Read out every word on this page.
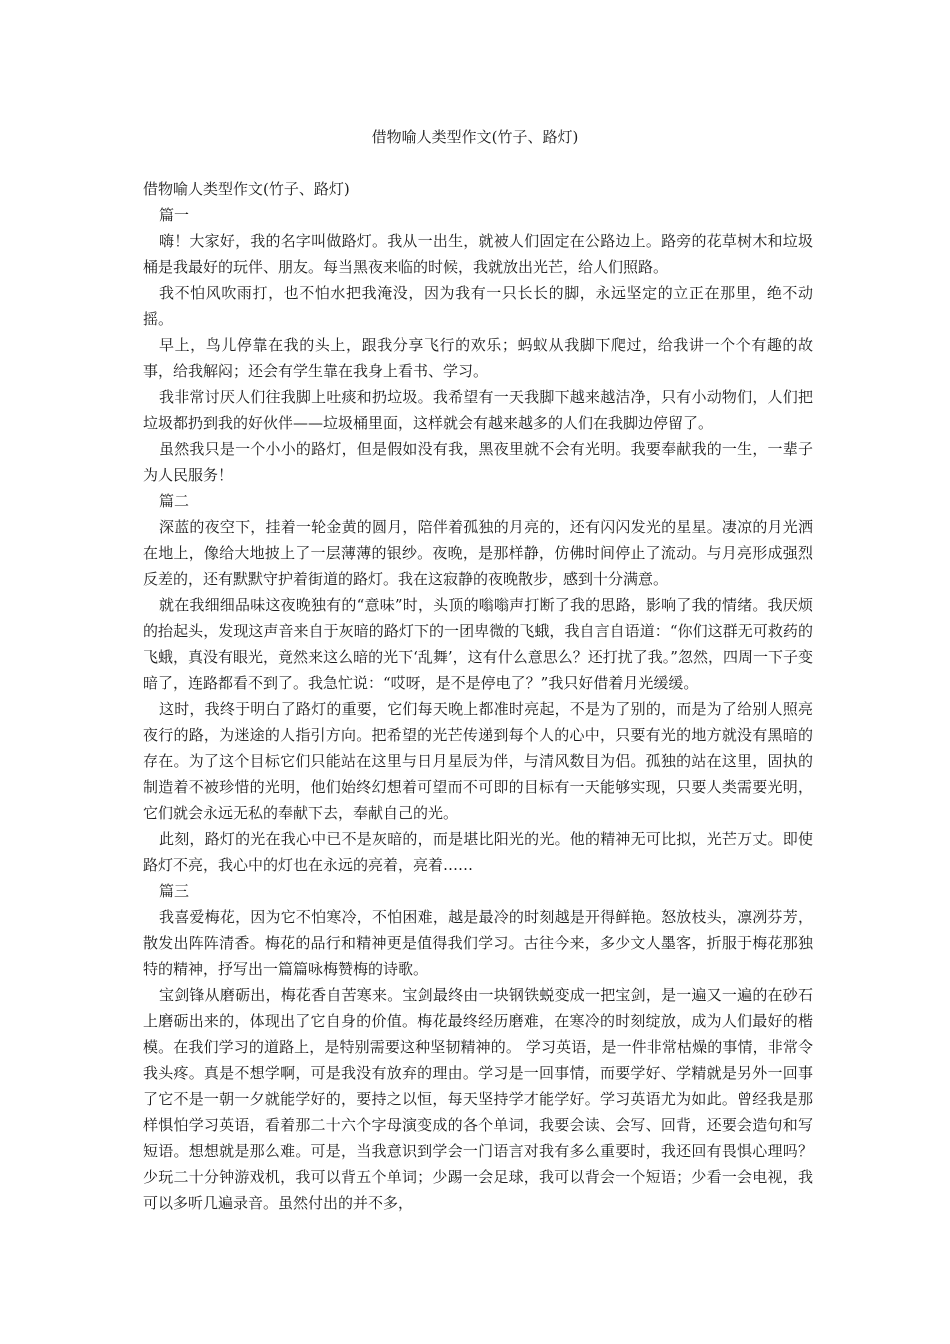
借物喻人类型作文(竹子、路灯)

借物喻人类型作文(竹子、路灯)

篇一

嗨！大家好，我的名字叫做路灯。我从一出生，就被人们固定在公路边上。路旁的花草树木和垃圾桶是我最好的玩伴、朋友。每当黑夜来临的时候，我就放出光芒，给人们照路。

我不怕风吹雨打，也不怕水把我淹没，因为我有一只长长的脚，永远坚定的立正在那里，绝不动摇。

早上，鸟儿停靠在我的头上，跟我分享飞行的欢乐；蚂蚁从我脚下爬过，给我讲一个个有趣的故事，给我解闷；还会有学生靠在我身上看书、学习。

我非常讨厌人们往我脚上吐痰和扔垃圾。我希望有一天我脚下越来越洁净，只有小动物们，人们把垃圾都扔到我的好伙伴——垃圾桶里面，这样就会有越来越多的人们在我脚边停留了。

虽然我只是一个小小的路灯，但是假如没有我，黑夜里就不会有光明。我要奉献我的一生，一辈子为人民服务！

篇二

深蓝的夜空下，挂着一轮金黄的圆月，陪伴着孤独的月亮的，还有闪闪发光的星星。凄凉的月光洒在地上，像给大地披上了一层薄薄的银纱。夜晚，是那样静，仿佛时间停止了流动。与月亮形成强烈反差的，还有默默守护着街道的路灯。我在这寂静的夜晚散步，感到十分满意。

就在我细细品味这夜晚独有的“意味”时，头顶的嗡嗡声打断了我的思路，影响了我的情绪。我厌烦的抬起头，发现这声音来自于灰暗的路灯下的一团卑微的飞蛾，我自言自语道：“你们这群无可救药的飞蛾，真没有眼光，竟然来这么暗的光下‘乱舞’，这有什么意思么？还打扰了我。”忽然，四周一下子变暗了，连路都看不到了。我急忙说：“哎呀，是不是停电了？”我只好借着月光缓缓。

这时，我终于明白了路灯的重要，它们每天晚上都准时亮起，不是为了别的，而是为了给别人照亮夜行的路，为迷途的人指引方向。把希望的光芒传递到每个人的心中，只要有光的地方就没有黑暗的存在。为了这个目标它们只能站在这里与日月星辰为伴，与清风数目为侣。孤独的站在这里，固执的制造着不被珍惜的光明，他们始终幻想着可望而不可即的目标有一天能够实现，只要人类需要光明，它们就会永远无私的奉献下去，奉献自己的光。

此刻，路灯的光在我心中已不是灰暗的，而是堪比阳光的光。他的精神无可比拟，光芒万丈。即使路灯不亮，我心中的灯也在永远的亮着，亮着……

篇三

我喜爱梅花，因为它不怕寒冷，不怕困难，越是最冷的时刻越是开得鲜艳。怒放枝头，凛冽芬芳，散发出阵阵清香。梅花的品行和精神更是值得我们学习。古往今来，多少文人墨客，折服于梅花那独特的精神，抒写出一篇篇咏梅赞梅的诗歌。

宝剑锋从磨砺出，梅花香自苦寒来。宝剑最终由一块钢铁蜕变成一把宝剑，是一遍又一遍的在砂石上磨砺出来的，体现出了它自身的价值。梅花最终经历磨难，在寒冷的时刻绽放，成为人们最好的楷模。在我们学习的道路上，是特别需要这种坚韧精神的。 学习英语，是一件非常枯燥的事情，非常令我头疼。真是不想学啊，可是我没有放弃的理由。学习是一回事情，而要学好、学精就是另外一回事了它不是一朝一夕就能学好的，要持之以恒，每天坚持学才能学好。学习英语尤为如此。曾经我是那样惧怕学习英语，看着那二十六个字母演变成的各个单词，我要会读、会写、回背，还要会造句和写短语。想想就是那么难。可是，当我意识到学会一门语言对我有多么重要时，我还回有畏惧心理吗？少玩二十分钟游戏机，我可以背五个单词；少踢一会足球，我可以背会一个短语；少看一会电视，我可以多听几遍录音。虽然付出的并不多，
